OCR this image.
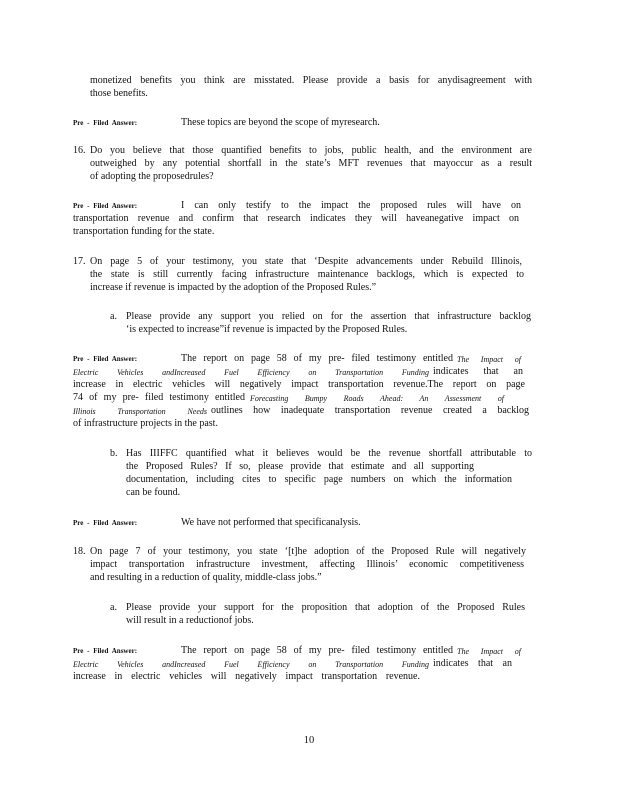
monetized benefits you think are misstated. Please provide a basis for anydisagreement with
those benefits.
Pre - Filed Answer:	These topics are beyond the scope of myresearch.
16. Do you believe that those quantified benefits to jobs, public health, and the environment are
outweighed by any potential shortfall in the state’s MFT revenues that mayoccur as a result
of adopting the proposedrules?
Pre - Filed Answer:	I can only testify to the impact the proposed rules will have on
transportation revenue and confirm that research indicates they will haveanegative impact on
transportation funding for the state.
17. On page 5 of your testimony, you state that ‘Despite advancements under Rebuild Illinois,
the state is still currently facing infrastructure maintenance backlogs, which is expected to
increase if revenue is impacted by the adoption of the Proposed Rules.”
a. Please provide any support you relied on for the assertion that infrastructure backlog
‘is expected to increase”if revenue is impacted by the Proposed Rules.
Pre - Filed Answer:	The report on page 58 of my pre- filed testimony entitled The Impact of
Electric Vehicles andIncreased Fuel Efficiency on Transportation Funding indicates that an
increase in electric vehicles will negatively impact transportation revenue.The report on page
74 of my pre- filed testimony entitled Forecasting Bumpy Roads Ahead: An Assessment of
Illinois Transportation Needs outlines how inadequate transportation revenue created a backlog
of infrastructure projects in the past.
b. Has IIIFFC quantified what it believes would be the revenue shortfall attributable to
the Proposed Rules? If so, please provide that estimate and all supporting
documentation, including cites to specific page numbers on which the information
can be found.
Pre - Filed Answer:	We have not performed that specificanalysis.
18. On page 7 of your testimony, you state ‘[t]he adoption of the Proposed Rule will negatively
impact transportation infrastructure investment, affecting Illinois’ economic competitiveness
and resulting in a reduction of quality, middle-class jobs.”
a. Please provide your support for the proposition that adoption of the Proposed Rules
will result in a reductionof jobs.
Pre - Filed Answer:	The report on page 58 of my pre- filed testimony entitled The Impact of
Electric Vehicles andIncreased Fuel Efficiency on Transportation Funding indicates that an
increase in electric vehicles will negatively impact transportation revenue.
10
